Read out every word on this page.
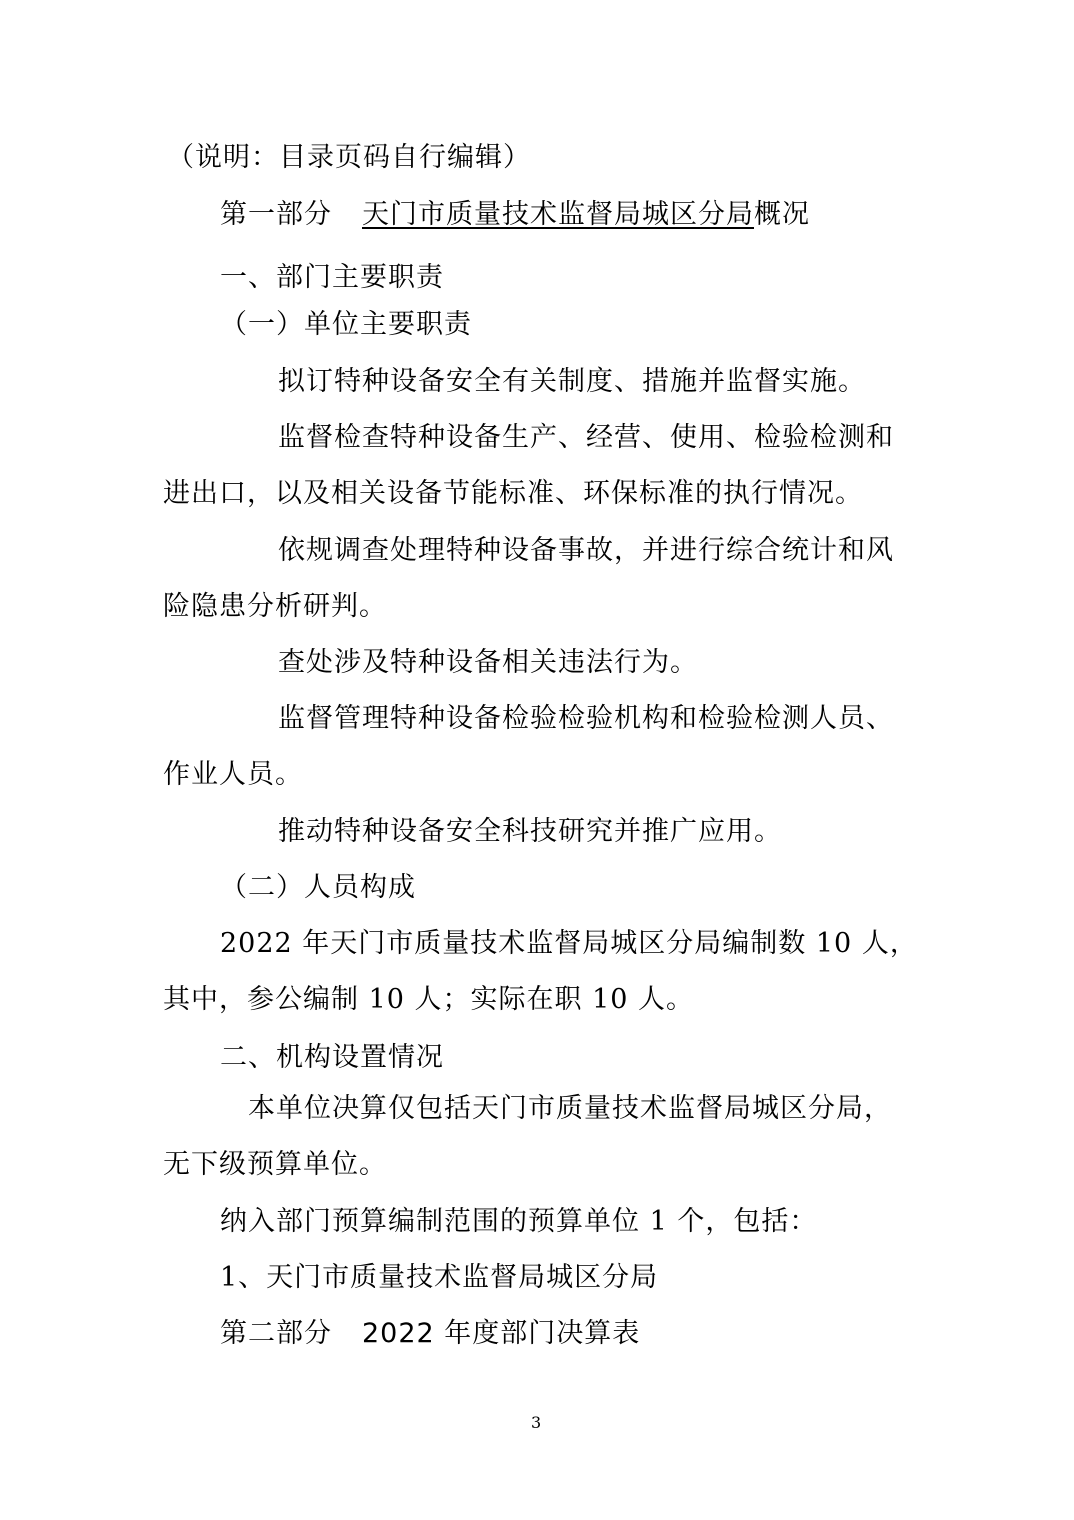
（说明：目录页码自行编辑）
第一部分 天门市质量技术监督局城区分局概况
一、部门主要职责
（一）单位主要职责
拟订特种设备安全有关制度、措施并监督实施。
监督检查特种设备生产、经营、使用、检验检测和
进出口，以及相关设备节能标准、环保标准的执行情况。
依规调查处理特种设备事故，并进行综合统计和风
险隐患分析研判。
查处涉及特种设备相关违法行为。
监督管理特种设备检验检验机构和检验检测人员、
作业人员。
推动特种设备安全科技研究并推广应用。
（二）人员构成
2022 年天门市质量技术监督局城区分局编制数 10 人，
其中，参公编制 10 人；实际在职 10 人。
二、机构设置情况
本单位决算仅包括天门市质量技术监督局城区分局，
无下级预算单位。
纳入部门预算编制范围的预算单位 1 个，包括：
1、天门市质量技术监督局城区分局
第二部分 2022 年度部门决算表
3
